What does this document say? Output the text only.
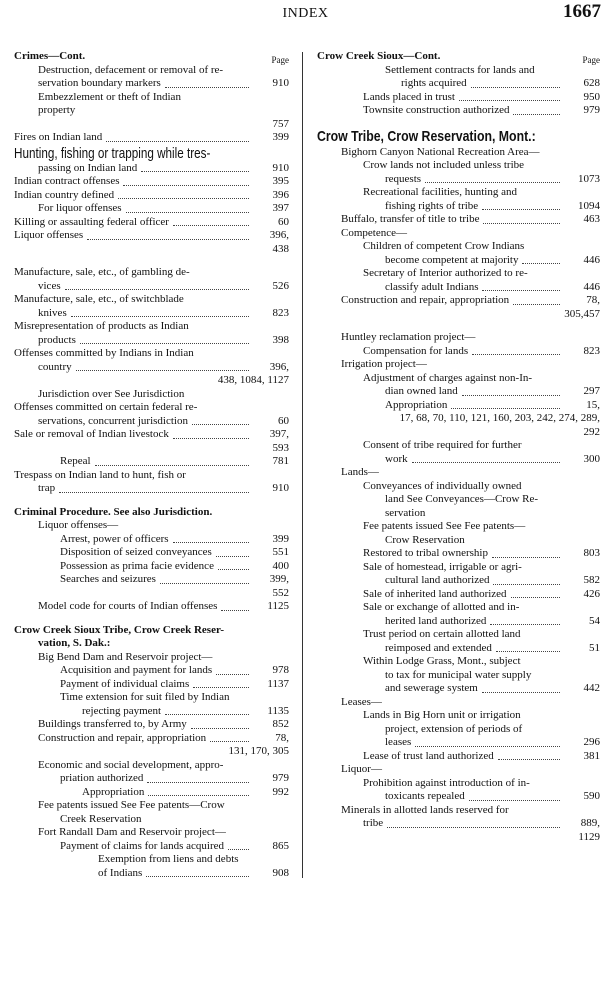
INDEX	1667
Crimes—Cont.	Page
Destruction, defacement or removal of re-
servation boundary markers	910
Embezzlement or theft of Indian
property
757
Fires on Indian land	399
Hunting, fishing or trapping while tres-
passing on Indian land	910
Indian contract offenses	395
Indian country defined	396
For liquor offenses	397
Killing or assaulting federal officer	60
Liquor offenses	396,
438
Manufacture, sale, etc., of gambling de-
vices	526
Manufacture, sale, etc., of switchblade
knives	823
Misrepresentation of products as Indian
products	398
Offenses committed by Indians in Indian
country	396,
438, 1084, 1127
Jurisdiction over See Jurisdiction
Offenses committed on certain federal re-
servations, concurrent jurisdiction	60
Sale or removal of Indian livestock	397,
593
Repeal	781
Trespass on Indian land to hunt, fish or
trap	910
Criminal Procedure. See also Jurisdiction.
Liquor offenses—
Arrest, power of officers	399
Disposition of seized conveyances	551
Possession as prima facie evidence	400
Searches and seizures	399,
552
Model code for courts of Indian offenses	1125
Crow Creek Sioux Tribe, Crow Creek Reser-
vation, S. Dak.:
Big Bend Dam and Reservoir project—
Acquisition and payment for lands	978
Payment of individual claims	1137
Time extension for suit filed by Indian
rejecting payment	1135
Buildings transferred to, by Army	852
Construction and repair, appropriation	78,
131, 170, 305
Economic and social development, appro-
priation authorized	979
Appropriation	992
Fee patents issued See Fee patents—Crow
Creek Reservation
Fort Randall Dam and Reservoir project—
Payment of claims for lands acquired	865
Exemption from liens and debts
of Indians	908
Crow Creek Sioux—Cont.	Page
Settlement contracts for lands and
rights acquired	628
Lands placed in trust	950
Townsite construction authorized	979
Crow Tribe, Crow Reservation, Mont.:
Bighorn Canyon National Recreation Area—
Crow lands not included unless tribe
requests	1073
Recreational facilities, hunting and
fishing rights of tribe	1094
Buffalo, transfer of title to tribe	463
Competence—
Children of competent Crow Indians
become competent at majority	446
Secretary of Interior authorized to re-
classify adult Indians	446
Construction and repair, appropriation	78,
305,457
Huntley reclamation project—
Compensation for lands	823
Irrigation project—
Adjustment of charges against non-In-
dian owned land	297
Appropriation	15,
17, 68, 70, 110, 121, 160, 203, 242, 274, 289,
292
Consent of tribe required for further
work	300
Lands—
Conveyances of individually owned
land See Conveyances—Crow Re-
servation
Fee patents issued See Fee patents—
Crow Reservation
Restored to tribal ownership	803
Sale of homestead, irrigable or agri-
cultural land authorized	582
Sale of inherited land authorized	426
Sale or exchange of allotted and in-
herited land authorized	54
Trust period on certain allotted land
reimposed and extended	51
Within Lodge Grass, Mont., subject
to tax for municipal water supply
and sewerage system	442
Leases—
Lands in Big Horn unit or irrigation
project, extension of periods of
leases	296
Lease of trust land authorized	381
Liquor—
Prohibition against introduction of in-
toxicants repealed	590
Minerals in allotted lands reserved for
tribe	889,
1129
